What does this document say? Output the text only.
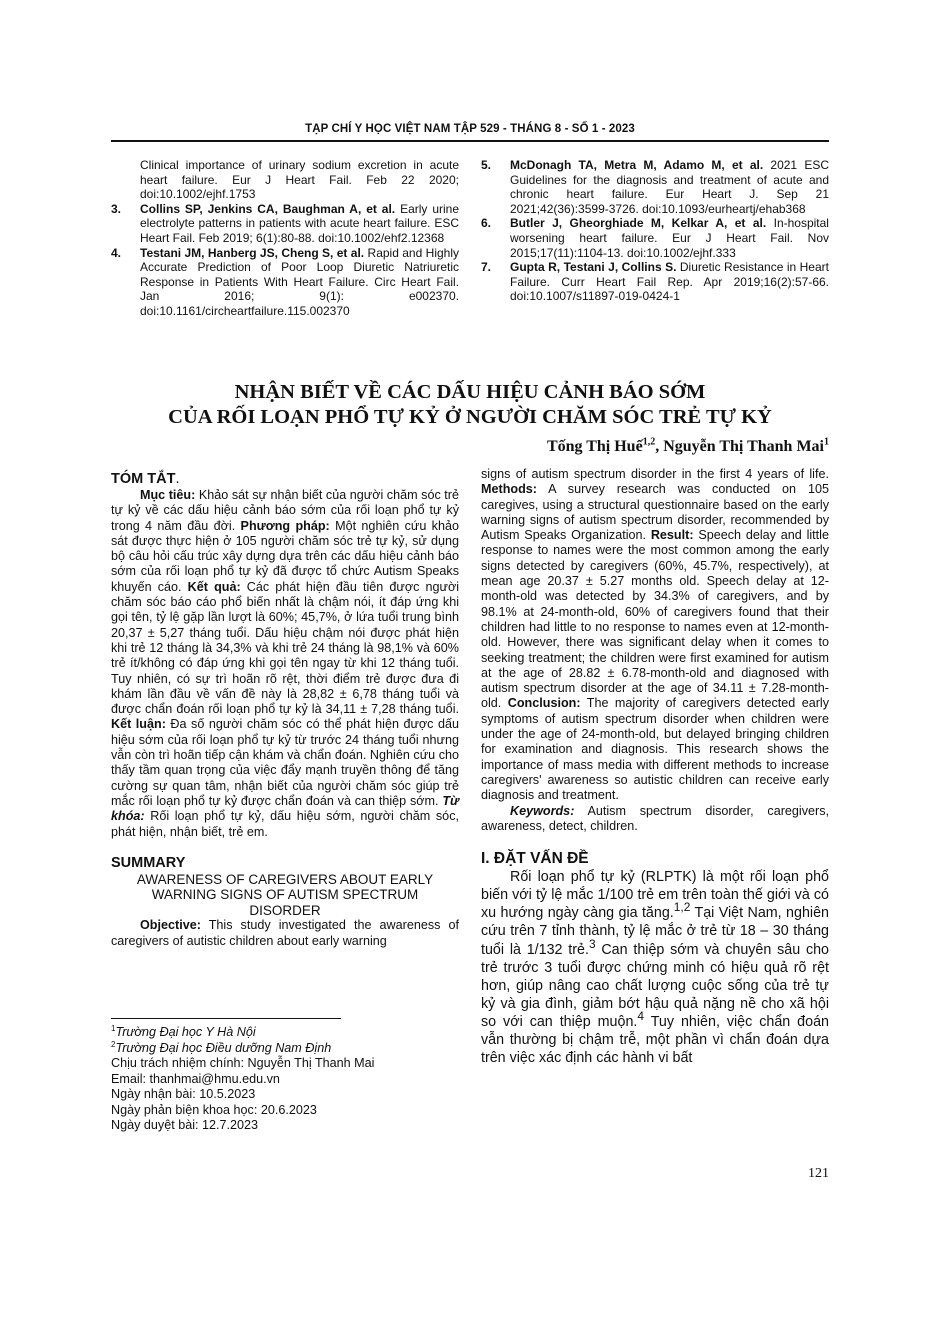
TẠP CHÍ Y HỌC VIỆT NAM TẬP 529 - THÁNG 8 - SỐ 1 - 2023
Clinical importance of urinary sodium excretion in acute heart failure. Eur J Heart Fail. Feb 22 2020; doi:10.1002/ejhf.1753
3.	Collins SP, Jenkins CA, Baughman A, et al. Early urine electrolyte patterns in patients with acute heart failure. ESC Heart Fail. Feb 2019; 6(1):80-88. doi:10.1002/ehf2.12368
4.	Testani JM, Hanberg JS, Cheng S, et al. Rapid and Highly Accurate Prediction of Poor Loop Diuretic Natriuretic Response in Patients With Heart Failure. Circ Heart Fail. Jan 2016; 9(1): e002370. doi:10.1161/circheartfailure.115.002370
5.	McDonagh TA, Metra M, Adamo M, et al. 2021 ESC Guidelines for the diagnosis and treatment of acute and chronic heart failure. Eur Heart J. Sep 21 2021;42(36):3599-3726. doi:10.1093/eurheartj/ehab368
6.	Butler J, Gheorghiade M, Kelkar A, et al. In-hospital worsening heart failure. Eur J Heart Fail. Nov 2015;17(11):1104-13. doi:10.1002/ejhf.333
7.	Gupta R, Testani J, Collins S. Diuretic Resistance in Heart Failure. Curr Heart Fail Rep. Apr 2019;16(2):57-66. doi:10.1007/s11897-019-0424-1
NHẬN BIẾT VỀ CÁC DẤU HIỆU CẢNH BÁO SỚM
CỦA RỐI LOẠN PHỔ TỰ KỶ Ở NGƯỜI CHĂM SÓC TRẺ TỰ KỶ
Tống Thị Huế$^{1,2}$, Nguyễn Thị Thanh Mai$^1$
TÓM TẮT.

Mục tiêu: Khảo sát sự nhận biết của người chăm sóc trẻ tự kỷ về các dấu hiệu cảnh báo sớm của rối loạn phổ tự kỷ trong 4 năm đầu đời. Phương pháp: Một nghiên cứu khảo sát được thực hiện ở 105 người chăm sóc trẻ tự kỷ, sử dụng bộ câu hỏi cấu trúc xây dựng dựa trên các dấu hiệu cảnh báo sớm của rối loạn phổ tự kỷ đã được tổ chức Autism Speaks khuyến cáo. Kết quả: Các phát hiện đầu tiên được người chăm sóc báo cáo phổ biến nhất là chậm nói, ít đáp ứng khi gọi tên, tỷ lệ gặp lần lượt là 60%; 45,7%, ở lứa tuổi trung bình 20,37 ± 5,27 tháng tuổi. Dấu hiệu chậm nói được phát hiện khi trẻ 12 tháng là 34,3% và khi trẻ 24 tháng là 98,1% và 60% trẻ ít/không có đáp ứng khi gọi tên ngay từ khi 12 tháng tuổi. Tuy nhiên, có sự trì hoãn rõ rệt, thời điểm trẻ được đưa đi khám lần đầu về vấn đề này là 28,82 ± 6,78 tháng tuổi và được chẩn đoán rối loạn phổ tự kỷ là 34,11 ± 7,28 tháng tuổi. Kết luận: Đa số người chăm sóc có thể phát hiện được dấu hiệu sớm của rối loạn phổ tự kỷ từ trước 24 tháng tuổi nhưng vẫn còn trì hoãn tiếp cận khám và chẩn đoán. Nghiên cứu cho thấy tầm quan trọng của việc đẩy mạnh truyền thông để tăng cường sự quan tâm, nhận biết của người chăm sóc giúp trẻ mắc rối loạn phổ tự kỷ được chẩn đoán và can thiệp sớm. Từ khóa: Rối loạn phổ tự kỷ, dấu hiệu sớm, người chăm sóc, phát hiện, nhận biết, trẻ em.

SUMMARY
AWARENESS OF CAREGIVERS ABOUT EARLY WARNING SIGNS OF AUTISM SPECTRUM DISORDER

Objective: This study investigated the awareness of caregivers of autistic children about early warning

$^1$Trường Đại học Y Hà Nội
$^2$Trường Đại học Điều dưỡng Nam Định
Chịu trách nhiệm chính: Nguyễn Thị Thanh Mai
Email: thanhmai@hmu.edu.vn
Ngày nhận bài: 10.5.2023
Ngày phản biện khoa học: 20.6.2023
Ngày duyệt bài: 12.7.2023

signs of autism spectrum disorder in the first 4 years of life. Methods: A survey research was conducted on 105 caregives, using a structural questionnaire based on the early warning signs of autism spectrum disorder, recommended by Autism Speaks Organization. Result: Speech delay and little response to names were the most common among the early signs detected by caregivers (60%, 45.7%, respectively), at mean age 20.37 ± 5.27 months old. Speech delay at 12-month-old was detected by 34.3% of caregivers, and by 98.1% at 24-month-old, 60% of caregivers found that their children had little to no response to names even at 12-month-old. However, there was significant delay when it comes to seeking treatment; the children were first examined for autism at the age of 28.82 ± 6.78-month-old and diagnosed with autism spectrum disorder at the age of 34.11 ± 7.28-month-old. Conclusion: The majority of caregivers detected early symptoms of autism spectrum disorder when children were under the age of 24-month-old, but delayed bringing children for examination and diagnosis. This research shows the importance of mass media with different methods to increase caregivers' awareness so autistic children can receive early diagnosis and treatment.

Keywords: Autism spectrum disorder, caregivers, awareness, detect, children.

I. ĐẶT VẤN ĐỀ

Rối loạn phổ tự kỷ (RLPTK) là một rối loạn phổ biến với tỷ lệ mắc 1/100 trẻ em trên toàn thế giới và có xu hướng ngày càng gia tăng.$^{1,2}$ Tại Việt Nam, nghiên cứu trên 7 tỉnh thành, tỷ lệ mắc ở trẻ từ 18 – 30 tháng tuổi là 1/132 trẻ.$^3$ Can thiệp sớm và chuyên sâu cho trẻ trước 3 tuổi được chứng minh có hiệu quả rõ rệt hơn, giúp nâng cao chất lượng cuộc sống của trẻ tự kỷ và gia đình, giảm bớt hậu quả nặng nề cho xã hội so với can thiệp muộn.$^4$ Tuy nhiên, việc chẩn đoán vẫn thường bị chậm trễ, một phần vì chẩn đoán dựa trên việc xác định các hành vi bất

121
